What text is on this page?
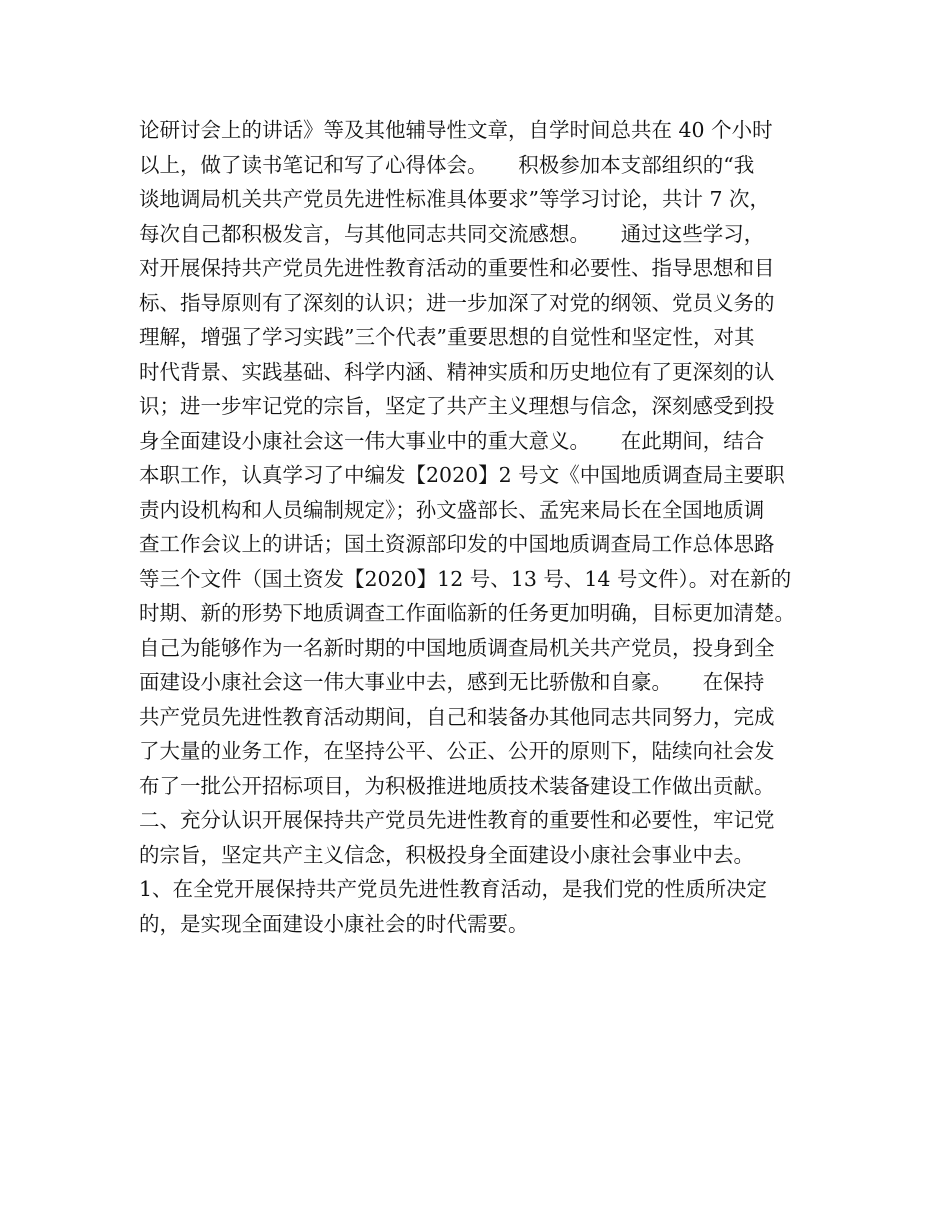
论研讨会上的讲话》等及其他辅导性文章，自学时间总共在 40 个小时
以上，做了读书笔记和写了心得体会。　　积极参加本支部组织的“我
谈地调局机关共产党员先进性标准具体要求”等学习讨论，共计 7 次，
每次自己都积极发言，与其他同志共同交流感想。　　通过这些学习，
对开展保持共产党员先进性教育活动的重要性和必要性、指导思想和目
标、指导原则有了深刻的认识；进一步加深了对党的纲领、党员义务的
理解，增强了学习实践”三个代表”重要思想的自觉性和坚定性，对其
时代背景、实践基础、科学内涵、精神实质和历史地位有了更深刻的认
识；进一步牢记党的宗旨，坚定了共产主义理想与信念，深刻感受到投
身全面建设小康社会这一伟大事业中的重大意义。　　在此期间，结合
本职工作，认真学习了中编发【2020】2 号文《中国地质调查局主要职
责内设机构和人员编制规定》；孙文盛部长、孟宪来局长在全国地质调
查工作会议上的讲话；国土资源部印发的中国地质调查局工作总体思路
等三个文件（国土资发【2020】12 号、13 号、14 号文件）。对在新的
时期、新的形势下地质调查工作面临新的任务更加明确，目标更加清楚。
自己为能够作为一名新时期的中国地质调查局机关共产党员，投身到全
面建设小康社会这一伟大事业中去，感到无比骄傲和自豪。　　在保持
共产党员先进性教育活动期间，自己和装备办其他同志共同努力，完成
了大量的业务工作，在坚持公平、公正、公开的原则下，陆续向社会发
布了一批公开招标项目，为积极推进地质技术装备建设工作做出贡献。
二、充分认识开展保持共产党员先进性教育的重要性和必要性，牢记党
的宗旨，坚定共产主义信念，积极投身全面建设小康社会事业中去。
1、在全党开展保持共产党员先进性教育活动，是我们党的性质所决定
的，是实现全面建设小康社会的时代需要。
